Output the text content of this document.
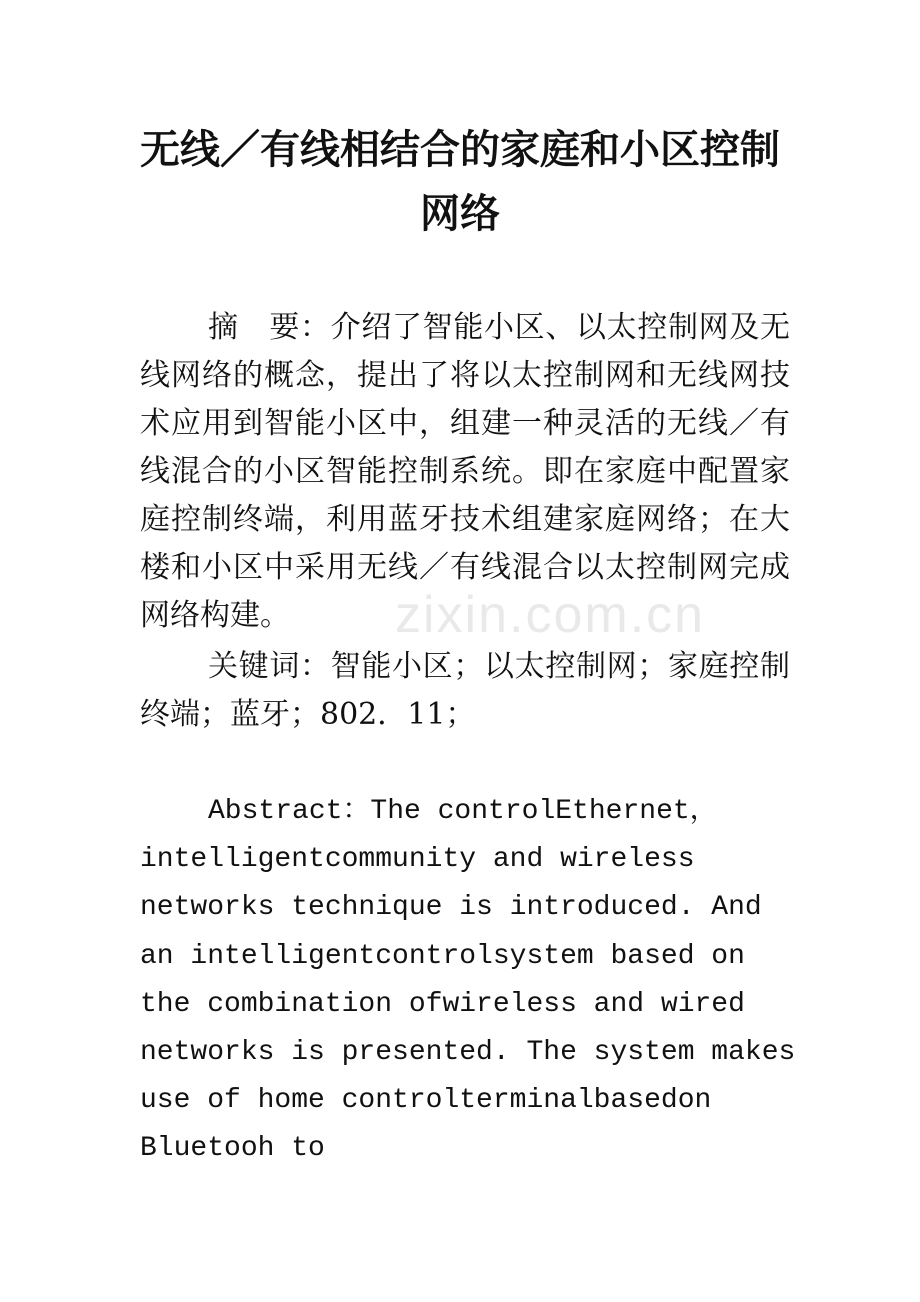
无线／有线相结合的家庭和小区控制网络
zixin.com.cn

摘　要：介绍了智能小区、以太控制网及无线网络的概念，提出了将以太控制网和无线网技术应用到智能小区中，组建一种灵活的无线／有线混合的小区智能控制系统。即在家庭中配置家庭控制终端，利用蓝牙技术组建家庭网络；在大楼和小区中采用无线／有线混合以太控制网完成网络构建。

关键词：智能小区；以太控制网；家庭控制终端；蓝牙；802．11；

Abstract：The controlEthernet，intelligentcommunity and wireless networks technique is introduced. And an intelligentcontrolsystem based on the combination ofwireless and wired networks is presented. The system makes use of home controlterminalbasedon Bluetooh to
